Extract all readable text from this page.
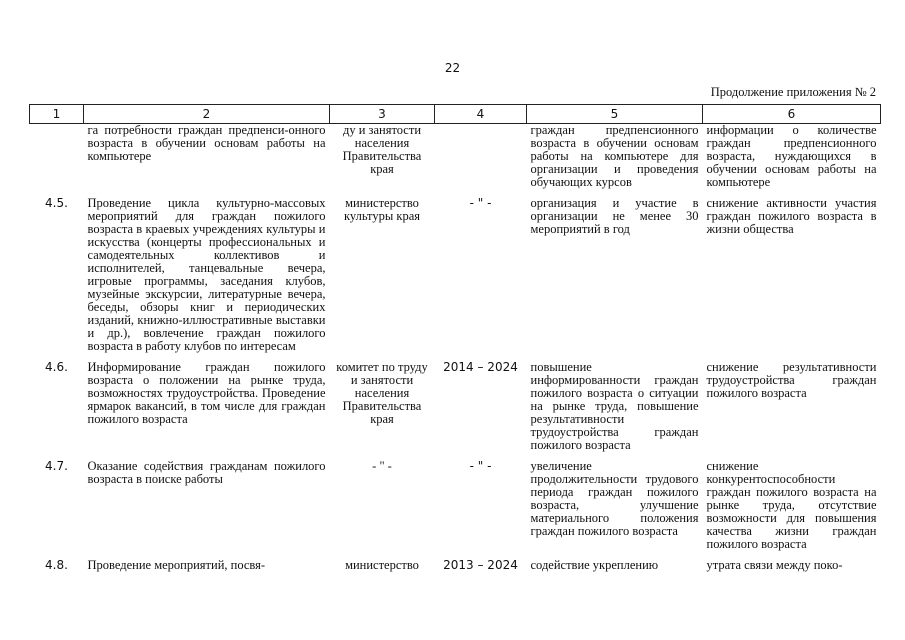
22
Продолжение приложения № 2
1	2	3	4	5	6
	га потребности граждан предпенси-онного возраста в обучении основам работы на компьютере	ду и занятости населения Правительства края		граждан предпенсионного возраста в обучении основам работы на компьютере для организации и проведения обучающих курсов	информации о количестве граждан предпенсионного возраста, нуждающихся в обучении основам работы на компьютере
4.5.	Проведение цикла культурно-массовых мероприятий для граждан пожилого возраста в краевых учреждениях культуры и искусства (концерты профессиональных и самодеятельных коллективов и исполнителей, танцевальные вечера, игровые программы, заседания клубов, музейные экскурсии, литературные вечера, беседы, обзоры книг и периодических изданий, книжно-иллюстративные выставки и др.), вовлечение граждан пожилого возраста в работу клубов по интересам	министерство культуры края	- " -	организация и участие в организации не менее 30 мероприятий в год	снижение активности участия граждан пожилого возраста в жизни общества
4.6.	Информирование граждан пожилого возраста о положении на рынке труда, возможностях трудоустройства. Проведение ярмарок вакансий, в том числе для граждан пожилого возраста	комитет по труду и занятости населения Правительства края	2014 – 2024	повышение информированности граждан пожилого возраста о ситуации на рынке труда, повышение результативности трудоустройства граждан пожилого возраста	снижение результативности трудоустройства граждан пожилого возраста
4.7.	Оказание содействия гражданам пожилого возраста в поиске работы	- " -	- " -	увеличение продолжительности трудового периода граждан пожилого возраста, улучшение материального положения граждан пожилого возраста	снижение конкурентоспособности граждан пожилого возраста на рынке труда, отсутствие возможности для повышения качества жизни граждан пожилого возраста
4.8.	Проведение мероприятий, посвя-	министерство	2013 – 2024	содействие укреплению	утрата связи между поко-
